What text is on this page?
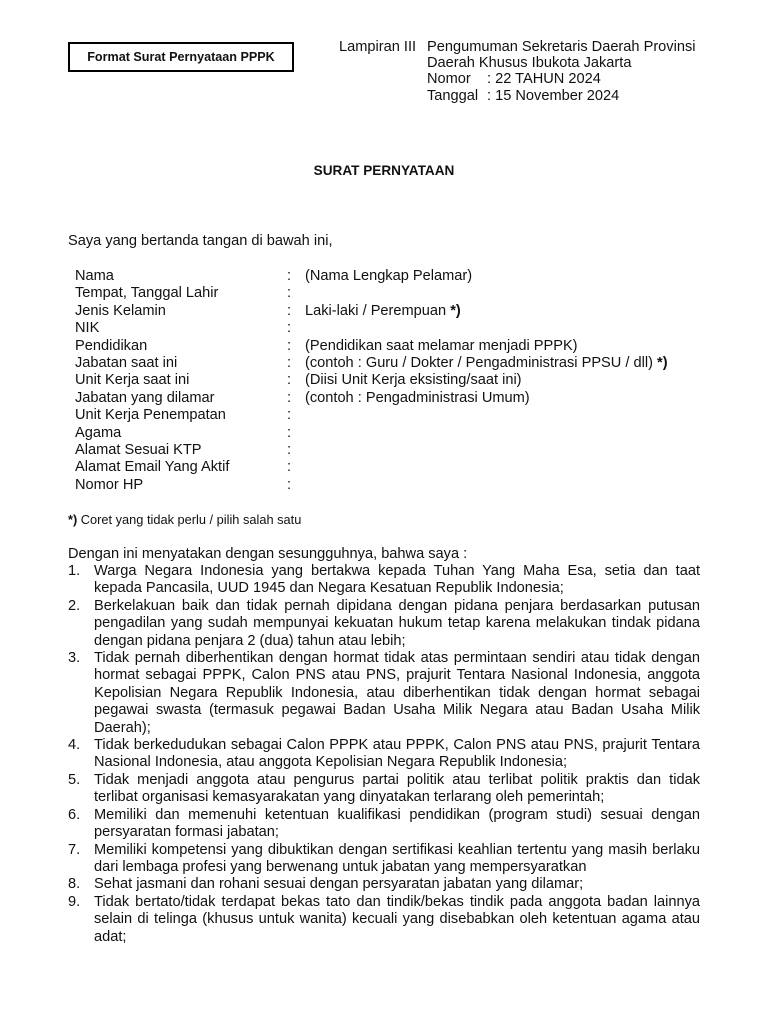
Format Surat Pernyataan PPPK
Lampiran III Pengumuman Sekretaris Daerah Provinsi
Daerah Khusus Ibukota Jakarta
Nomor	: 22 TAHUN 2024
Tanggal : 15 November 2024
SURAT PERNYATAAN
Saya yang bertanda tangan di bawah ini,
Nama	: (Nama Lengkap Pelamar)
Tempat, Tanggal Lahir	:
Jenis Kelamin	: Laki-laki / Perempuan *)
NIK	:
Pendidikan	: (Pendidikan saat melamar menjadi PPPK)
Jabatan saat ini	: (contoh : Guru / Dokter / Pengadministrasi PPSU / dll) *)
Unit Kerja saat ini	: (Diisi Unit Kerja eksisting/saat ini)
Jabatan yang dilamar	: (contoh : Pengadministrasi Umum)
Unit Kerja Penempatan	:
Agama	:
Alamat Sesuai KTP	:
Alamat Email Yang Aktif	:
Nomor HP	:
*) Coret yang tidak perlu / pilih salah satu
Dengan ini menyatakan dengan sesungguhnya, bahwa saya :
1. Warga Negara Indonesia yang bertakwa kepada Tuhan Yang Maha Esa, setia dan taat kepada Pancasila, UUD 1945 dan Negara Kesatuan Republik Indonesia;
2. Berkelakuan baik dan tidak pernah dipidana dengan pidana penjara berdasarkan putusan pengadilan yang sudah mempunyai kekuatan hukum tetap karena melakukan tindak pidana dengan pidana penjara 2 (dua) tahun atau lebih;
3. Tidak pernah diberhentikan dengan hormat tidak atas permintaan sendiri atau tidak dengan hormat sebagai PPPK, Calon PNS atau PNS, prajurit Tentara Nasional Indonesia, anggota Kepolisian Negara Republik Indonesia, atau diberhentikan tidak dengan hormat sebagai pegawai swasta (termasuk pegawai Badan Usaha Milik Negara atau Badan Usaha Milik Daerah);
4. Tidak berkedudukan sebagai Calon PPPK atau PPPK, Calon PNS atau PNS, prajurit Tentara Nasional Indonesia, atau anggota Kepolisian Negara Republik Indonesia;
5. Tidak menjadi anggota atau pengurus partai politik atau terlibat politik praktis dan tidak terlibat organisasi kemasyarakatan yang dinyatakan terlarang oleh pemerintah;
6. Memiliki dan memenuhi ketentuan kualifikasi pendidikan (program studi) sesuai dengan persyaratan formasi jabatan;
7. Memiliki kompetensi yang dibuktikan dengan sertifikasi keahlian tertentu yang masih berlaku dari lembaga profesi yang berwenang untuk jabatan yang mempersyaratkan
8. Sehat jasmani dan rohani sesuai dengan persyaratan jabatan yang dilamar;
9. Tidak bertato/tidak terdapat bekas tato dan tindik/bekas tindik pada anggota badan lainnya selain di telinga (khusus untuk wanita) kecuali yang disebabkan oleh ketentuan agama atau adat;
